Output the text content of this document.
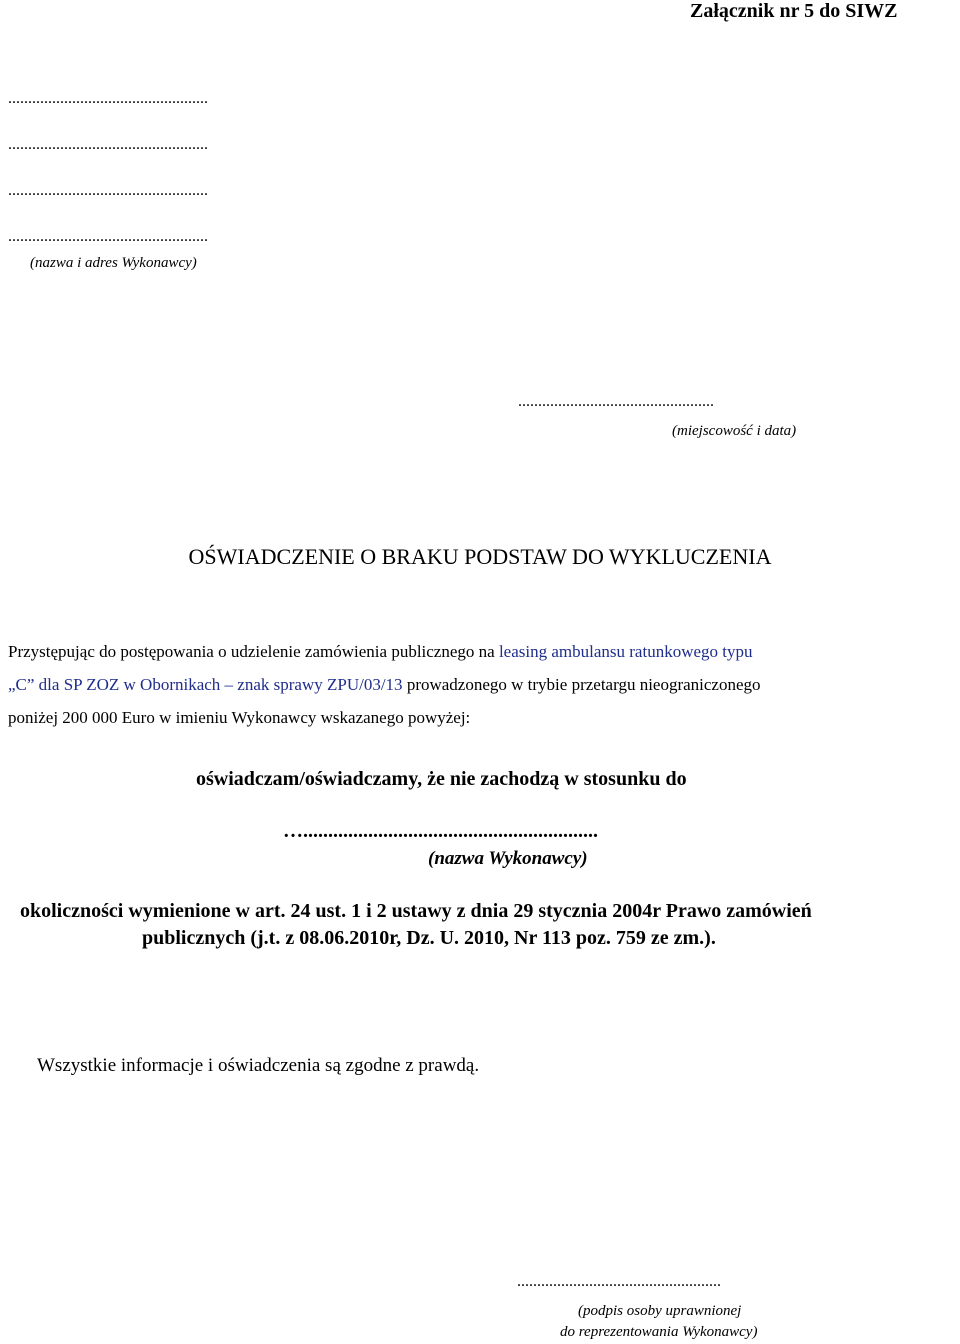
Załącznik nr 5 do SIWZ
..................................................
..................................................
..................................................
..................................................
(nazwa i adres Wykonawcy)
.................................................
(miejscowość i data)
OŚWIADCZENIE O BRAKU PODSTAW DO WYKLUCZENIA
Przystępując do postępowania o udzielenie zamówienia publicznego na leasing ambulansu ratunkowego typu
„C” dla SP ZOZ w Obornikach – znak sprawy ZPU/03/13 prowadzonego w trybie przetargu nieograniczonego
poniżej 200 000 Euro w imieniu Wykonawcy wskazanego powyżej:
oświadczam/oświadczamy, że nie zachodzą w stosunku do
…...........................................................
(nazwa Wykonawcy)
okoliczności wymienione w art. 24 ust. 1 i 2 ustawy z dnia 29 stycznia 2004r Prawo zamówień
publicznych (j.t. z 08.06.2010r, Dz. U. 2010, Nr 113 poz. 759 ze zm.).
Wszystkie informacje i oświadczenia są zgodne z prawdą.
...................................................
(podpis osoby uprawnionej
do reprezentowania Wykonawcy)
